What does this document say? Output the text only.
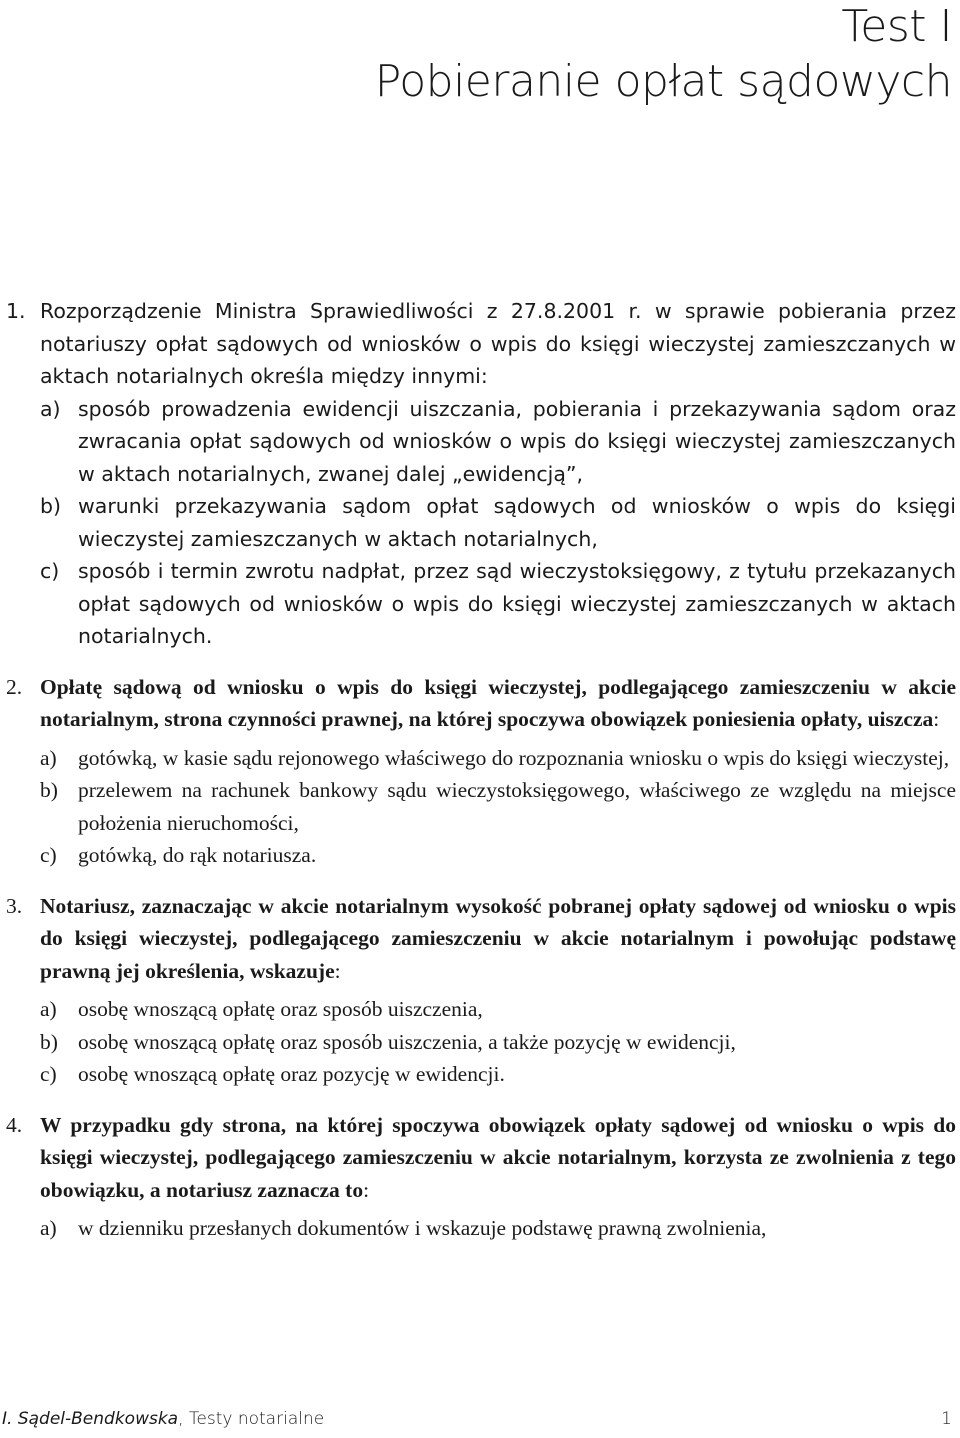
Test I
Pobieranie opłat sądowych
1. Rozporządzenie Ministra Sprawiedliwości z 27.8.2001 r. w sprawie pobierania przez notariuszy opłat sądowych od wniosków o wpis do księgi wieczystej zamieszczanych w aktach notarialnych określa między innymi:
a) sposób prowadzenia ewidencji uiszczania, pobierania i przekazywania sądom oraz zwracania opłat sądowych od wniosków o wpis do księgi wieczystej zamieszczanych w aktach notarialnych, zwanej dalej „ewidencją”,
b) warunki przekazywania sądom opłat sądowych od wniosków o wpis do księgi wieczystej zamieszczanych w aktach notarialnych,
c) sposób i termin zwrotu nadpłat, przez sąd wieczystoksięgowy, z tytułu przekazanych opłat sądowych od wniosków o wpis do księgi wieczystej zamieszczanych w aktach notarialnych.
2. Opłatę sądową od wniosku o wpis do księgi wieczystej, podlegającego zamieszczeniu w akcie notarialnym, strona czynności prawnej, na której spoczywa obowiązek poniesienia opłaty, uiszcza:
a) gotówką, w kasie sądu rejonowego właściwego do rozpoznania wniosku o wpis do księgi wieczystej,
b) przelewem na rachunek bankowy sądu wieczystoksięgowego, właściwego ze względu na miejsce położenia nieruchomości,
c) gotówką, do rąk notariusza.
3. Notariusz, zaznaczając w akcie notarialnym wysokość pobranej opłaty sądowej od wniosku o wpis do księgi wieczystej, podlegającego zamieszczeniu w akcie notarialnym i powołując podstawę prawną jej określenia, wskazuje:
a) osobę wnoszącą opłatę oraz sposób uiszczenia,
b) osobę wnoszącą opłatę oraz sposób uiszczenia, a także pozycję w ewidencji,
c) osobę wnoszącą opłatę oraz pozycję w ewidencji.
4. W przypadku gdy strona, na której spoczywa obowiązek opłaty sądowej od wniosku o wpis do księgi wieczystej, podlegającego zamieszczeniu w akcie notarialnym, korzysta ze zwolnienia z tego obowiązku, a notariusz zaznacza to:
a) w dzienniku przesłanych dokumentów i wskazuje podstawę prawną zwolnienia,
I. Sądel-Bendkowska, Testy notarialne	1
